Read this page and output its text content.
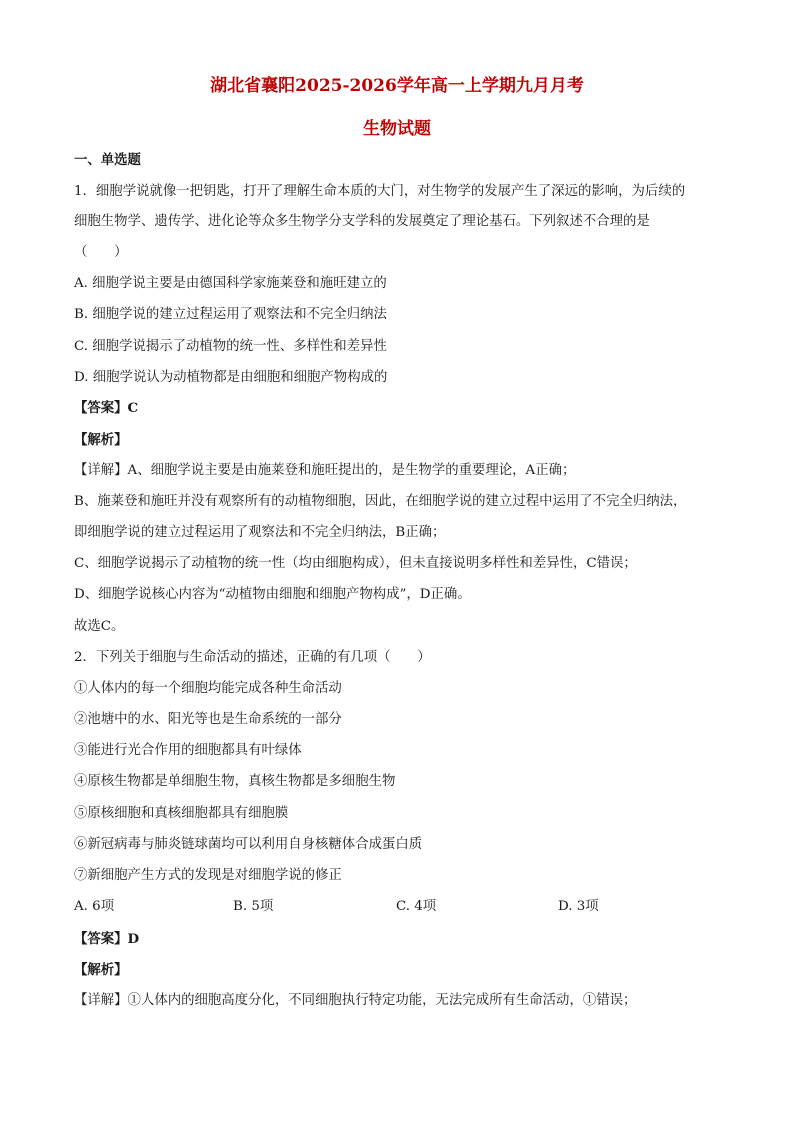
湖北省襄阳2025-2026学年高一上学期九月月考
生物试题
一、单选题
1．细胞学说就像一把钥匙，打开了理解生命本质的大门，对生物学的发展产生了深远的影响，为后续的
细胞生物学、遗传学、进化论等众多生物学分支学科的发展奠定了理论基石。下列叙述不合理的是
（　　）
A. 细胞学说主要是由德国科学家施莱登和施旺建立的
B. 细胞学说的建立过程运用了观察法和不完全归纳法
C. 细胞学说揭示了动植物的统一性、多样性和差异性
D. 细胞学说认为动植物都是由细胞和细胞产物构成的
【答案】C
【解析】
【详解】A、细胞学说主要是由施莱登和施旺提出的，是生物学的重要理论，A正确；
B、施莱登和施旺并没有观察所有的动植物细胞，因此，在细胞学说的建立过程中运用了不完全归纳法，
即细胞学说的建立过程运用了观察法和不完全归纳法，B正确；
C、细胞学说揭示了动植物的统一性（均由细胞构成），但未直接说明多样性和差异性，C错误；
D、细胞学说核心内容为“动植物由细胞和细胞产物构成”，D正确。
故选C。
2．下列关于细胞与生命活动的描述，正确的有几项（　　）
①人体内的每一个细胞均能完成各种生命活动
②池塘中的水、阳光等也是生命系统的一部分
③能进行光合作用的细胞都具有叶绿体
④原核生物都是单细胞生物，真核生物都是多细胞生物
⑤原核细胞和真核细胞都具有细胞膜
⑥新冠病毒与肺炎链球菌均可以利用自身核糖体合成蛋白质
⑦新细胞产生方式的发现是对细胞学说的修正
A. 6项	B. 5项	C. 4项	D. 3项
【答案】D
【解析】
【详解】①人体内的细胞高度分化，不同细胞执行特定功能，无法完成所有生命活动，①错误；
